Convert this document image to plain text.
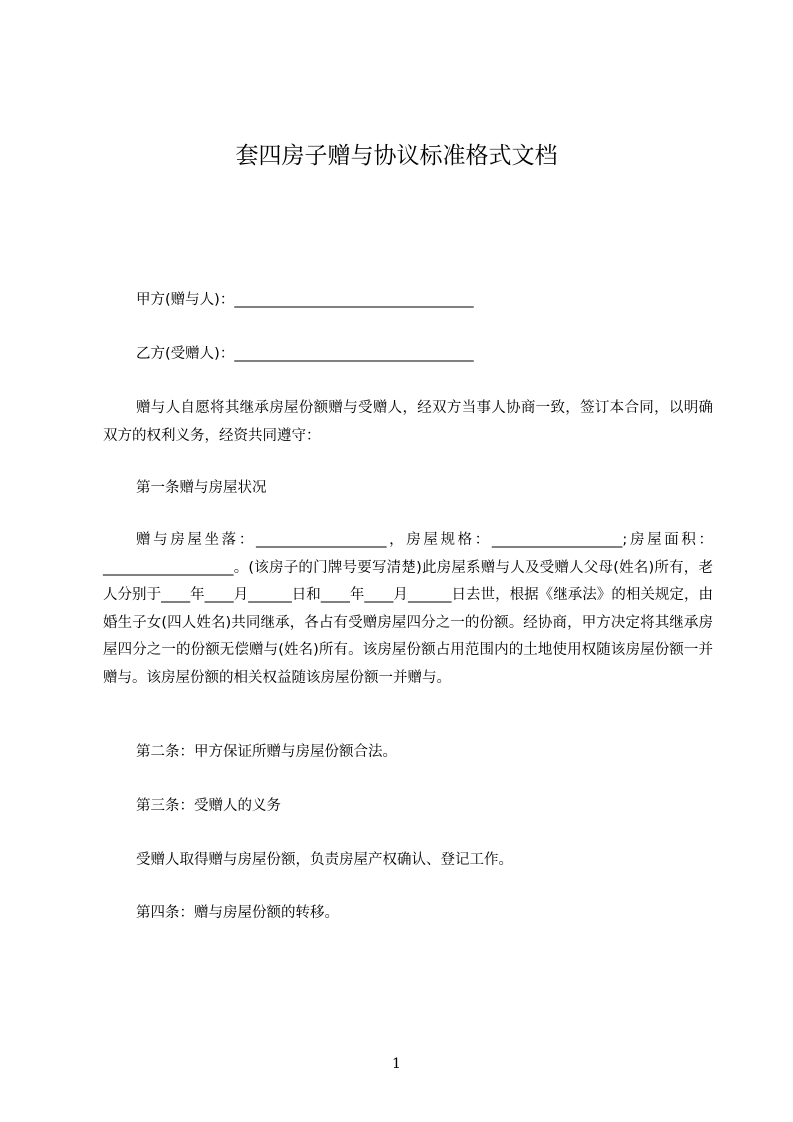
套四房子赠与协议标准格式文档

甲方(赠与人)：_________________________________

乙方(受赠人)：_________________________________

赠与人自愿将其继承房屋份额赠与受赠人，经双方当事人协商一致，签订本合同，以明确双方的权利义务，经资共同遵守：

第一条赠与房屋状况

赠与房屋坐落：__________________，房屋规格：__________________;房屋面积：__________________。(该房子的门牌号要写清楚)此房屋系赠与人及受赠人父母(姓名)所有，老人分别于____年____月______日和____年____月______日去世，根据《继承法》的相关规定，由婚生子女(四人姓名)共同继承，各占有受赠房屋四分之一的份额。经协商，甲方决定将其继承房屋四分之一的份额无偿赠与(姓名)所有。该房屋份额占用范围内的土地使用权随该房屋份额一并赠与。该房屋份额的相关权益随该房屋份额一并赠与。

第二条：甲方保证所赠与房屋份额合法。

第三条：受赠人的义务

受赠人取得赠与房屋份额，负责房屋产权确认、登记工作。

第四条：赠与房屋份额的转移。

1
